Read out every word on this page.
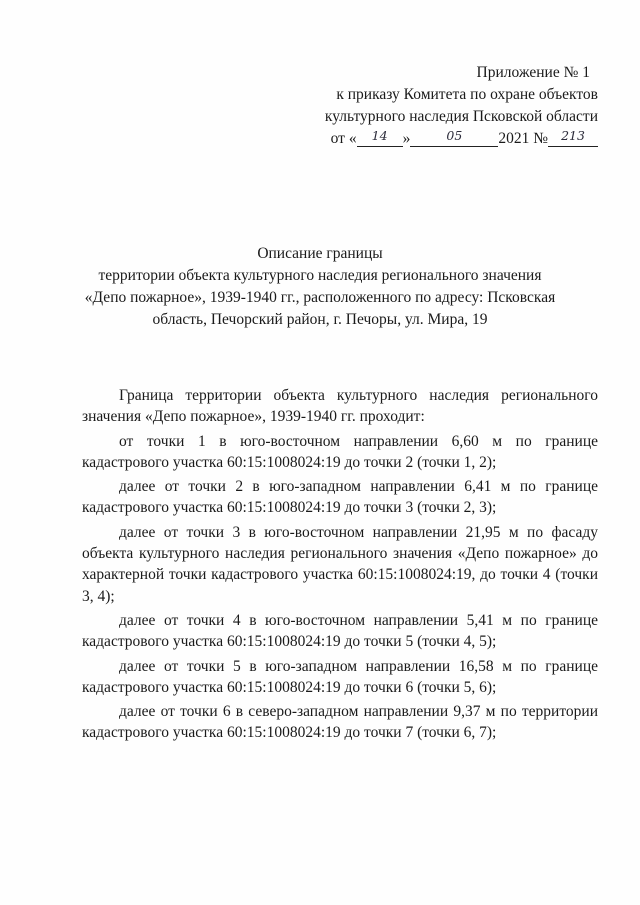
Приложение № 1
к приказу Комитета по охране объектов
культурного наследия Псковской области
от « 14 »	05 2021 № 213
Описание границы
территории объекта культурного наследия регионального значения
«Депо пожарное», 1939-1940 гг., расположенного по адресу: Псковская
область, Печорский район, г. Печоры, ул. Мира, 19

Граница территории объекта культурного наследия регионального значения «Депо пожарное», 1939-1940 гг. проходит:

от точки 1 в юго-восточном направлении 6,60 м по границе кадастрового участка 60:15:1008024:19 до точки 2 (точки 1, 2);

далее от точки 2 в юго-западном направлении 6,41 м по границе кадастрового участка 60:15:1008024:19 до точки 3 (точки 2, 3);

далее от точки 3 в юго-восточном направлении 21,95 м по фасаду объекта культурного наследия регионального значения «Депо пожарное» до характерной точки кадастрового участка 60:15:1008024:19, до точки 4 (точки 3, 4);

далее от точки 4 в юго-восточном направлении 5,41 м по границе кадастрового участка 60:15:1008024:19 до точки 5 (точки 4, 5);

далее от точки 5 в юго-западном направлении 16,58 м по границе кадастрового участка 60:15:1008024:19 до точки 6 (точки 5, 6);

далее от точки 6 в северо-западном направлении 9,37 м по территории кадастрового участка 60:15:1008024:19 до точки 7 (точки 6, 7);
